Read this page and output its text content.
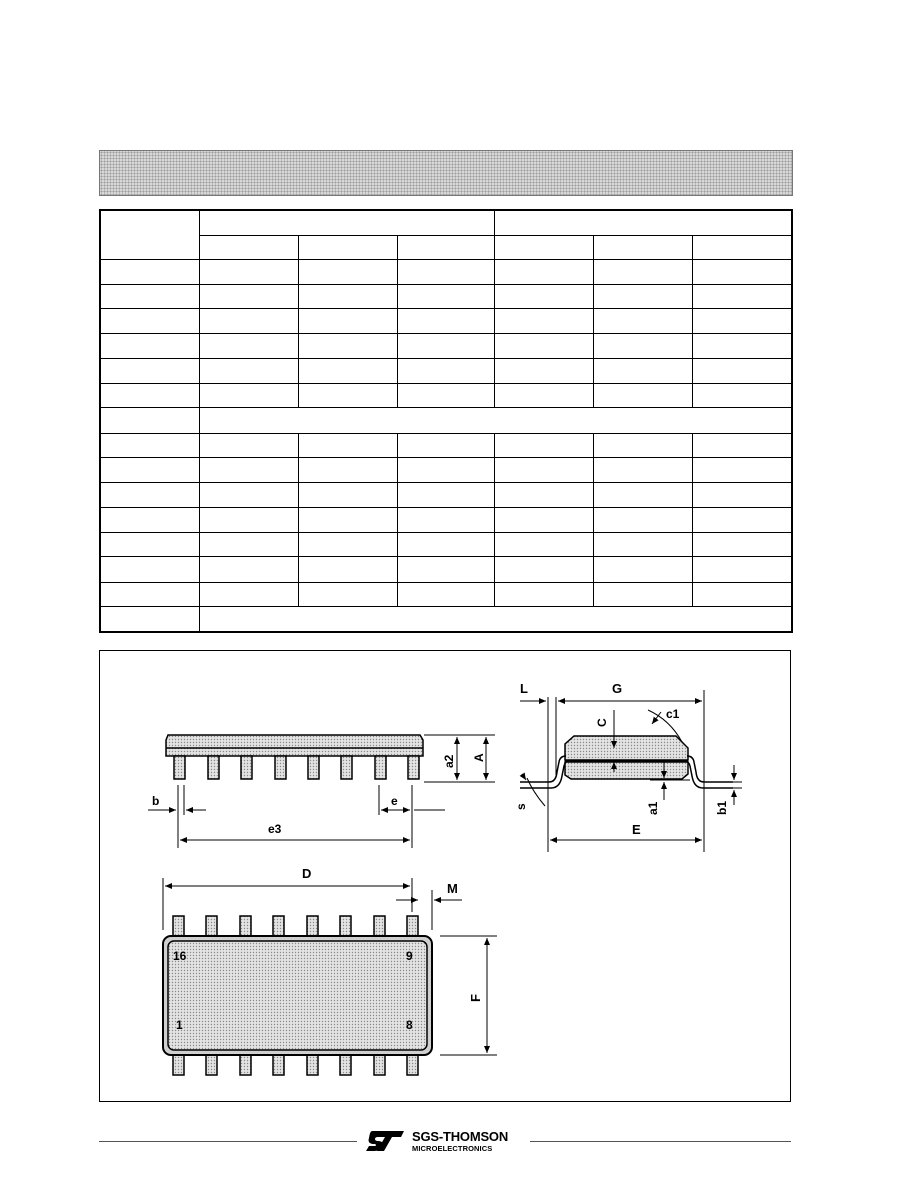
b	e
e3
a2 A
L	G
C
c1
a1	b1
s
E
D
M
F
16	9
1	8
SGS-THOMSON
MICROELECTRONICS
